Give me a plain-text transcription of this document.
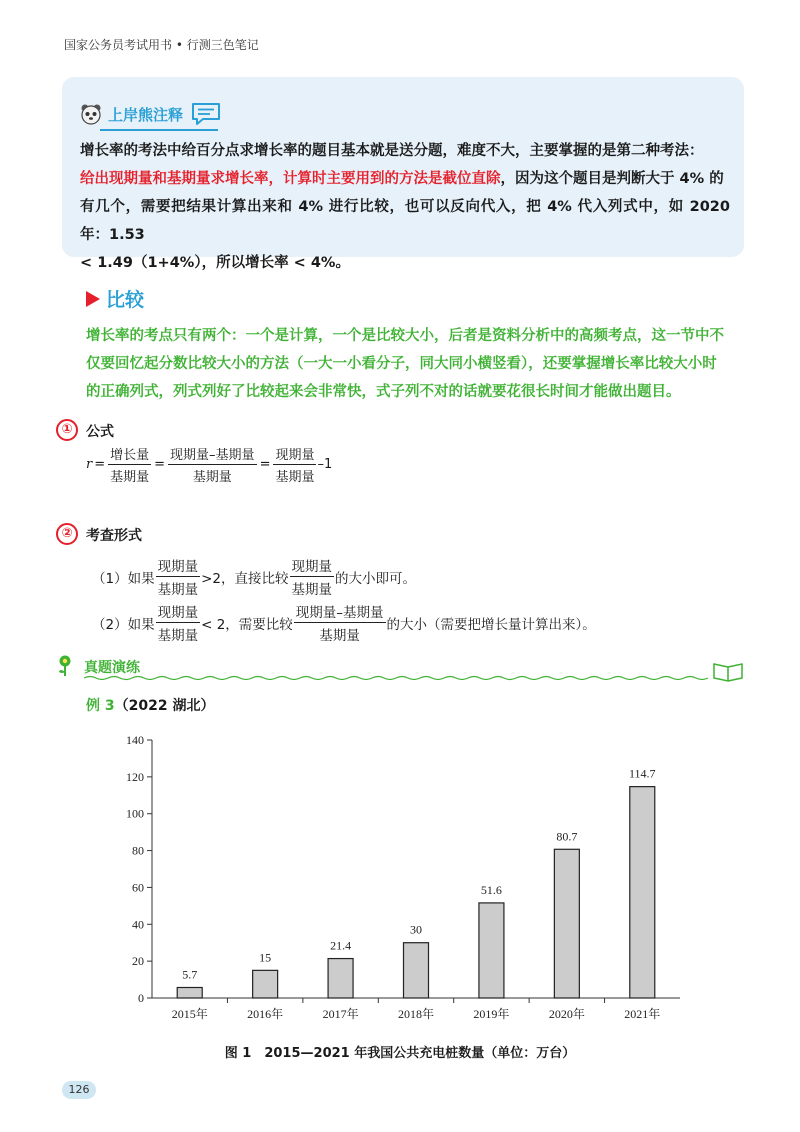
国家公务员考试用书 • 行测三色笔记
上岸熊注释
增长率的考法中给百分点求增长率的题目基本就是送分题，难度不大，主要掌握的是第二种考法：
给出现期量和基期量求增长率，计算时主要用到的方法是截位直除，因为这个题目是判断大于 4% 的
有几个，需要把结果计算出来和 4% 进行比较，也可以反向代入，把 4% 代入列式中，如 2020 年：1.53
< 1.49（1+4%），所以增长率 < 4%。
比较
增长率的考点只有两个：一个是计算，一个是比较大小，后者是资料分析中的高频考点，这一节中不仅要回忆起分数比较大小的方法（一大一小看分子，同大同小横竖看），还要掌握增长率比较大小时的正确列式，列式列好了比较起来会非常快，式子列不对的话就要花很长时间才能做出题目。
① 公式
$r = \frac{\text{增长量}}{\text{基期量}} = \frac{\text{现期量–基期量}}{\text{基期量}} = \frac{\text{现期量}}{\text{基期量}} -1$
② 考查形式
（1）如果 $\frac{\text{现期量}}{\text{基期量}} >2$，直接比较 $\frac{\text{现期量}}{\text{基期量}}$ 的大小即可。
（2）如果 $\frac{\text{现期量}}{\text{基期量}} < 2$，需要比较 $\frac{\text{现期量–基期量}}{\text{基期量}}$ 的大小（需要把增长量计算出来）。
真题演练
例 3（2022 湖北）
0
20
40
60
80
100
120
140
5.7
2015年
15
2016年
21.4
2017年
30
2018年
51.6
2019年
80.7
2020年
114.7
2021年
图 1　2015—2021 年我国公共充电桩数量（单位：万台）
126
